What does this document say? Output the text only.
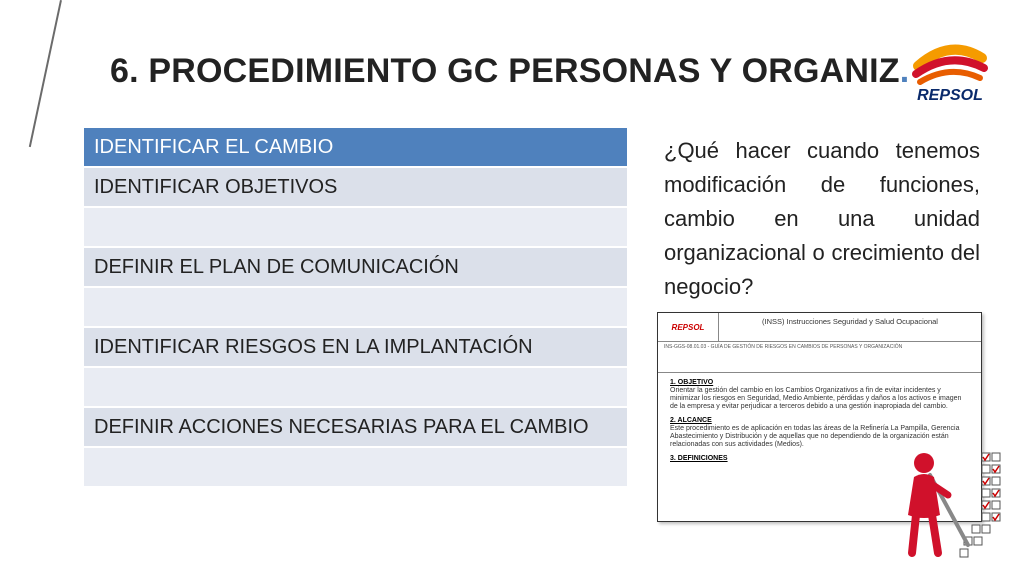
6. PROCEDIMIENTO GC PERSONAS Y ORGANIZ.
REPSOL
IDENTIFICAR EL CAMBIO
IDENTIFICAR OBJETIVOS
DEFINIR EL PLAN DE COMUNICACIÓN
IDENTIFICAR RIESGOS EN LA IMPLANTACIÓN
DEFINIR ACCIONES NECESARIAS PARA EL CAMBIO
¿Qué hacer cuando tenemos modificación de funciones, cambio en una unidad organizacional o crecimiento del negocio?
REPSOL
(INSS) Instrucciones Seguridad y Salud Ocupacional
INS-GGS-08.01.03 - GUÍA DE GESTIÓN DE RIESGOS EN CAMBIOS DE PERSONAS Y ORGANIZACIÓN
1. OBJETIVO
Orientar la gestión del cambio en los Cambios Organizativos a fin de evitar incidentes y minimizar los riesgos en Seguridad, Medio Ambiente, pérdidas y daños a los activos e imagen de la empresa y evitar perjudicar a terceros debido a una gestión inapropiada del cambio.
2. ALCANCE
Este procedimiento es de aplicación en todas las áreas de la Refinería La Pampilla, Gerencia Abastecimiento y Distribución y de aquellas que no dependiendo de la organización están relacionadas con sus actividades (Medios).
3. DEFINICIONES
